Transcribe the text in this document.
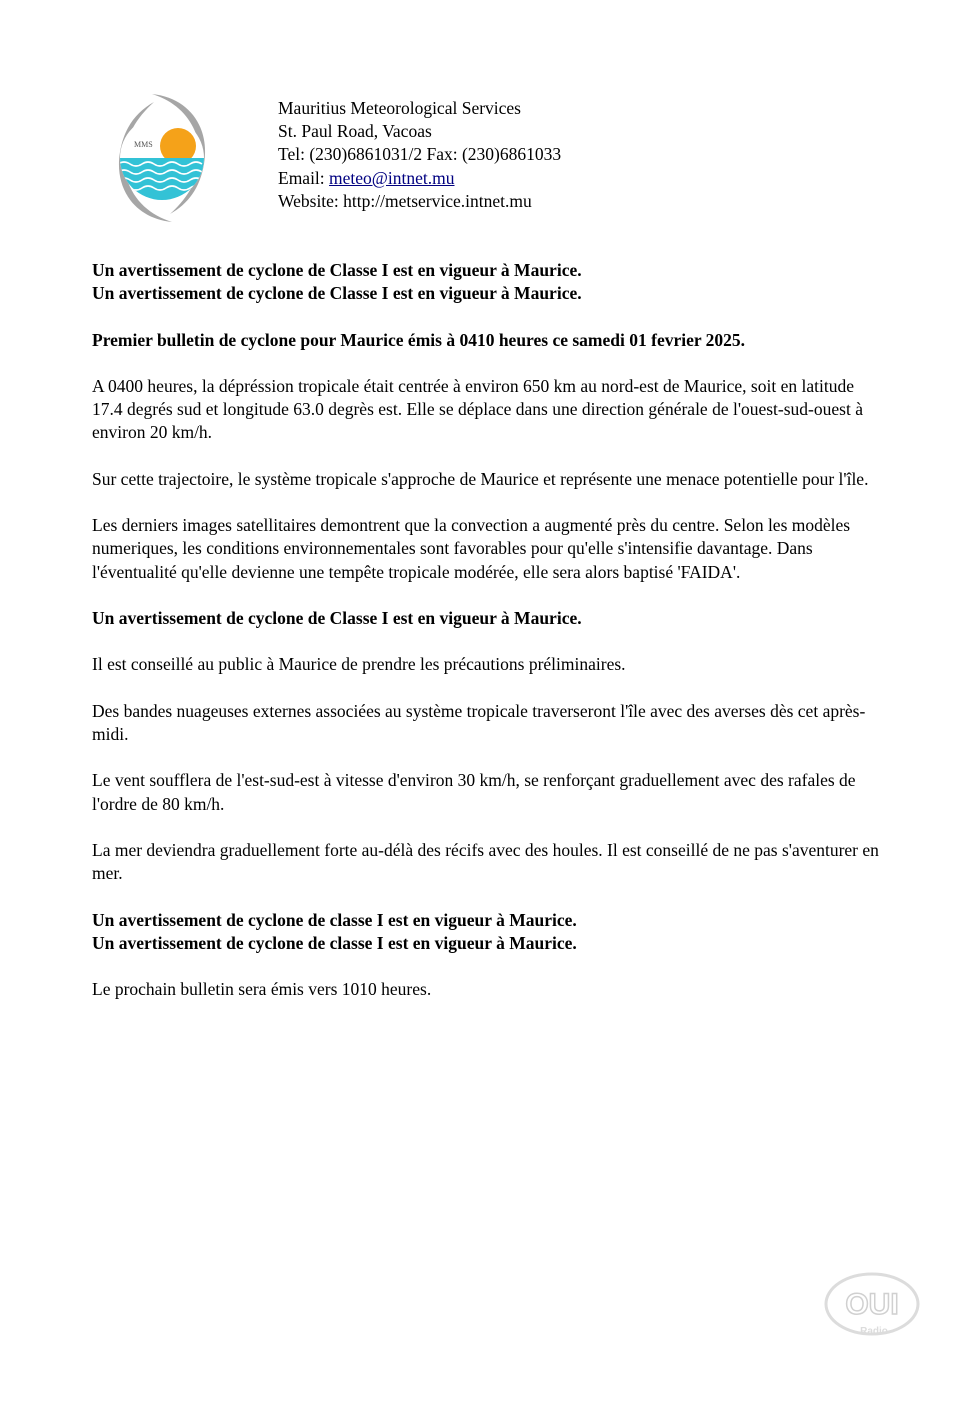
MMS
Mauritius Meteorological Services
St. Paul Road, Vacoas
Tel: (230)6861031/2 Fax: (230)6861033
Email: meteo@intnet.mu
Website: http://metservice.intnet.mu

Un avertissement de cyclone de Classe I est en vigueur à Maurice.
Un avertissement de cyclone de Classe I est en vigueur à Maurice.

Premier bulletin de cyclone pour Maurice émis à 0410 heures ce samedi 01 fevrier 2025.

A 0400 heures, la dépréssion tropicale était centrée à environ 650 km au nord-est de Maurice, soit en latitude 17.4 degrés sud et longitude 63.0 degrès est. Elle se déplace dans une direction générale de l'ouest-sud-ouest à environ 20 km/h.

Sur cette trajectoire, le système tropicale s'approche de Maurice et représente une menace potentielle pour l'île.

Les derniers images satellitaires demontrent que la convection a augmenté près du centre. Selon les modèles numeriques, les conditions environnementales sont favorables pour qu'elle s'intensifie davantage. Dans l'éventualité qu'elle devienne une tempête tropicale modérée, elle sera alors baptisé 'FAIDA'.

Un avertissement de cyclone de Classe I est en vigueur à Maurice.

Il est conseillé au public à Maurice de prendre les précautions préliminaires.

Des bandes nuageuses externes associées au système tropicale traverseront l'île avec des averses dès cet après-midi.

Le vent soufflera de l'est-sud-est à vitesse d'environ 30 km/h, se renforçant graduellement avec des rafales de l'ordre de 80 km/h.

La mer deviendra graduellement forte au-délà des récifs avec des houles. Il est conseillé de ne pas s'aventurer en mer.

Un avertissement de cyclone de classe I est en vigueur à Maurice.
Un avertissement de cyclone de classe I est en vigueur à Maurice.

Le prochain bulletin sera émis vers 1010 heures.

OUI
Radio
